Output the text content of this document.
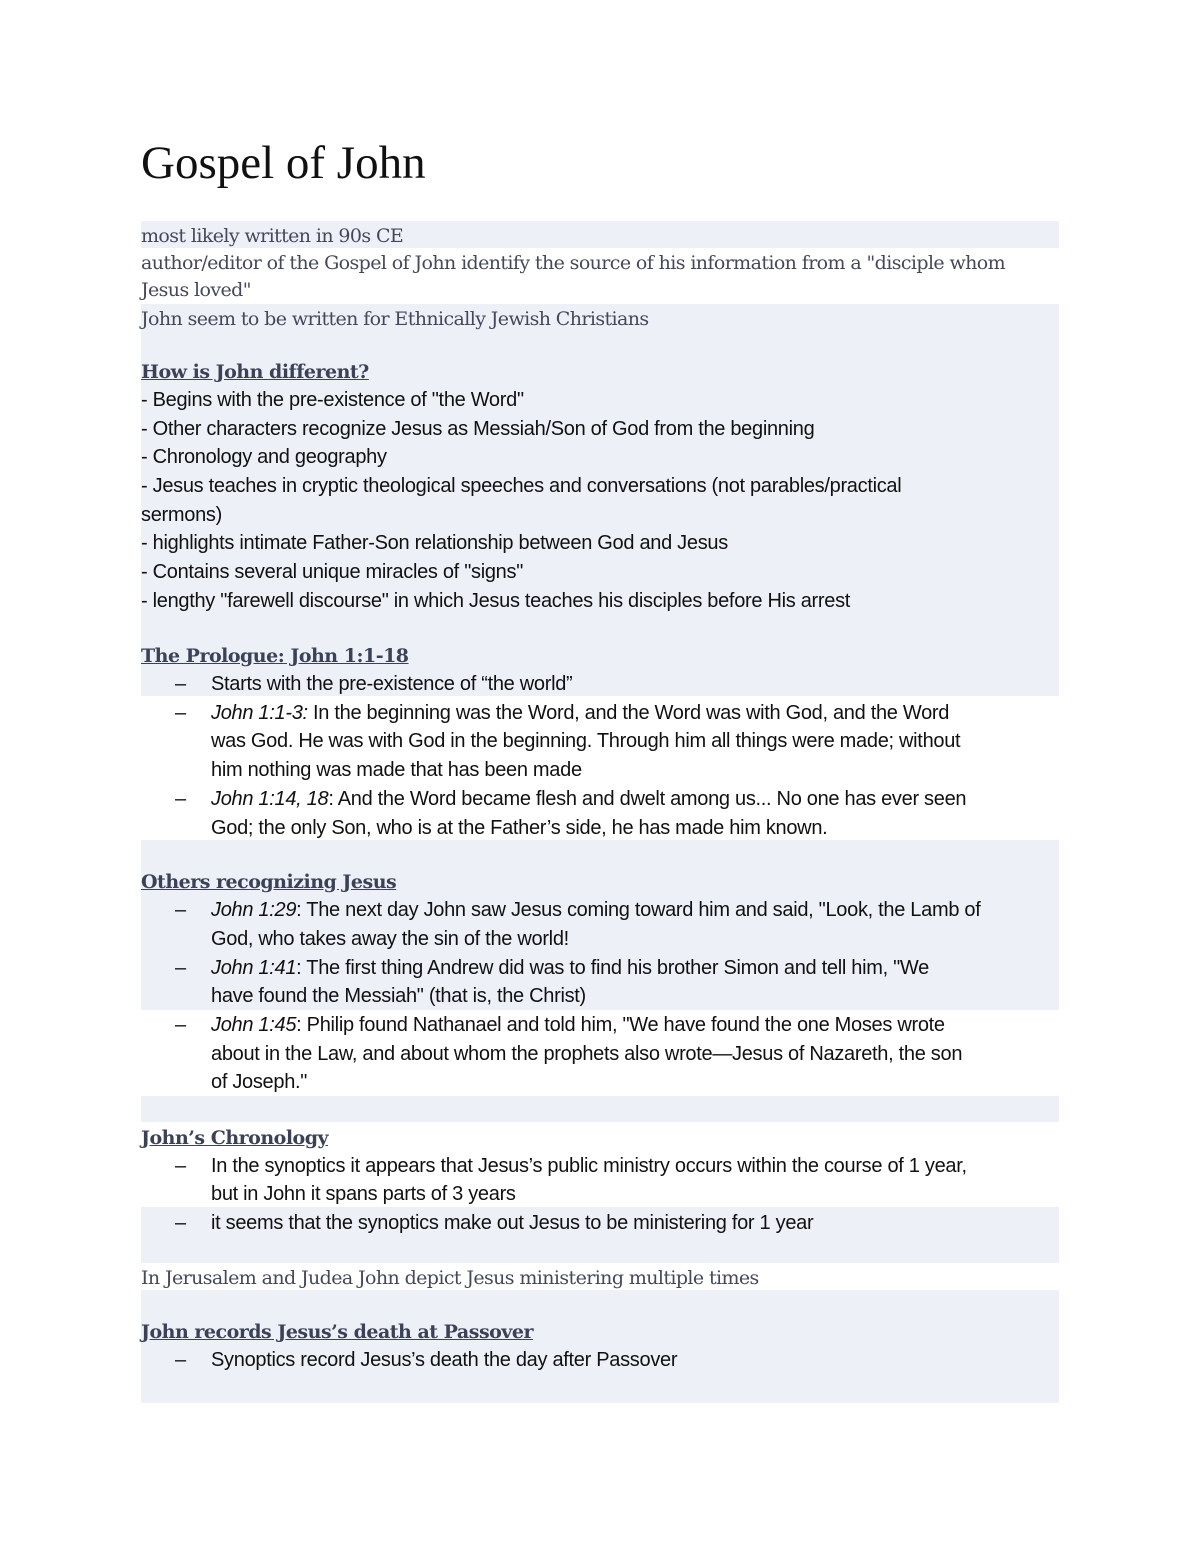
Gospel of John
most likely written in 90s CE
author/editor of the Gospel of John identify the source of his information from a "disciple whom
Jesus loved"
John seem to be written for Ethnically Jewish Christians
How is John different?
- Begins with the pre-existence of "the Word"
- Other characters recognize Jesus as Messiah/Son of God from the beginning
- Chronology and geography
- Jesus teaches in cryptic theological speeches and conversations (not parables/practical
sermons)
- highlights intimate Father-Son relationship between God and Jesus
- Contains several unique miracles of "signs"
- lengthy "farewell discourse" in which Jesus teaches his disciples before His arrest
The Prologue: John 1:1-18
– Starts with the pre-existence of “the world”
– John 1:1-3: In the beginning was the Word, and the Word was with God, and the Word
was God. He was with God in the beginning. Through him all things were made; without
him nothing was made that has been made
– John 1:14, 18: And the Word became flesh and dwelt among us... No one has ever seen
God; the only Son, who is at the Father’s side, he has made him known.
Others recognizing Jesus
– John 1:29: The next day John saw Jesus coming toward him and said, "Look, the Lamb of
God, who takes away the sin of the world!
– John 1:41: The first thing Andrew did was to find his brother Simon and tell him, "We
have found the Messiah" (that is, the Christ)
– John 1:45: Philip found Nathanael and told him, "We have found the one Moses wrote
about in the Law, and about whom the prophets also wrote—Jesus of Nazareth, the son
of Joseph."
John’s Chronology
– In the synoptics it appears that Jesus’s public ministry occurs within the course of 1 year,
but in John it spans parts of 3 years
– it seems that the synoptics make out Jesus to be ministering for 1 year
In Jerusalem and Judea John depict Jesus ministering multiple times
John records Jesus’s death at Passover
– Synoptics record Jesus’s death the day after Passover
